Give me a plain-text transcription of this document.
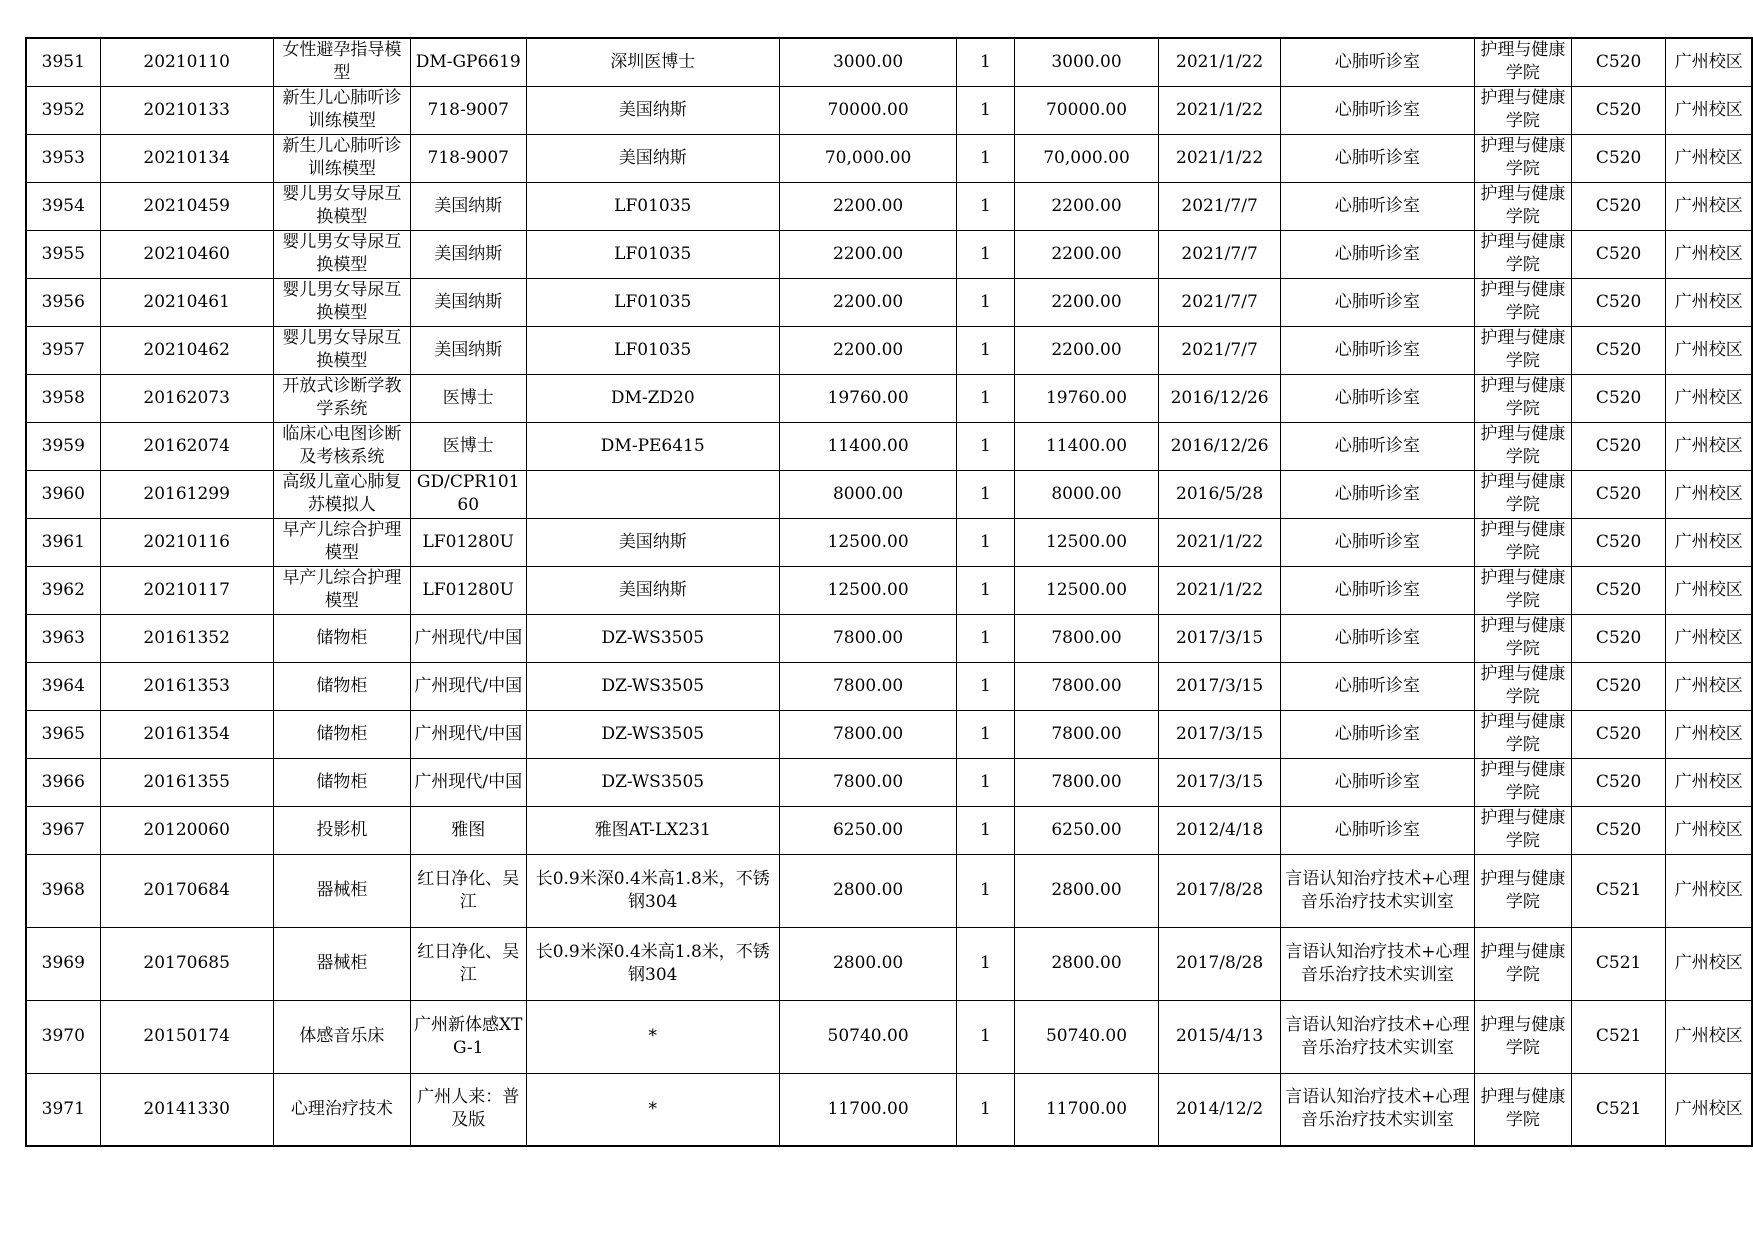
3951	20210110	女性避孕指导模型	DM-GP6619	深圳医博士	3000.00	1	3000.00	2021/1/22	心肺听诊室	护理与健康学院	C520	广州校区
3952	20210133	新生儿心肺听诊训练模型	718-9007	美国纳斯	70000.00	1	70000.00	2021/1/22	心肺听诊室	护理与健康学院	C520	广州校区
3953	20210134	新生儿心肺听诊训练模型	718-9007	美国纳斯	70,000.00	1	70,000.00	2021/1/22	心肺听诊室	护理与健康学院	C520	广州校区
3954	20210459	婴儿男女导尿互换模型	美国纳斯	LF01035	2200.00	1	2200.00	2021/7/7	心肺听诊室	护理与健康学院	C520	广州校区
3955	20210460	婴儿男女导尿互换模型	美国纳斯	LF01035	2200.00	1	2200.00	2021/7/7	心肺听诊室	护理与健康学院	C520	广州校区
3956	20210461	婴儿男女导尿互换模型	美国纳斯	LF01035	2200.00	1	2200.00	2021/7/7	心肺听诊室	护理与健康学院	C520	广州校区
3957	20210462	婴儿男女导尿互换模型	美国纳斯	LF01035	2200.00	1	2200.00	2021/7/7	心肺听诊室	护理与健康学院	C520	广州校区
3958	20162073	开放式诊断学教学系统	医博士	DM-ZD20	19760.00	1	19760.00	2016/12/26	心肺听诊室	护理与健康学院	C520	广州校区
3959	20162074	临床心电图诊断及考核系统	医博士	DM-PE6415	11400.00	1	11400.00	2016/12/26	心肺听诊室	护理与健康学院	C520	广州校区
3960	20161299	高级儿童心肺复苏模拟人	GD/CPR10160		8000.00	1	8000.00	2016/5/28	心肺听诊室	护理与健康学院	C520	广州校区
3961	20210116	早产儿综合护理模型	LF01280U	美国纳斯	12500.00	1	12500.00	2021/1/22	心肺听诊室	护理与健康学院	C520	广州校区
3962	20210117	早产儿综合护理模型	LF01280U	美国纳斯	12500.00	1	12500.00	2021/1/22	心肺听诊室	护理与健康学院	C520	广州校区
3963	20161352	储物柜	广州现代/中国	DZ-WS3505	7800.00	1	7800.00	2017/3/15	心肺听诊室	护理与健康学院	C520	广州校区
3964	20161353	储物柜	广州现代/中国	DZ-WS3505	7800.00	1	7800.00	2017/3/15	心肺听诊室	护理与健康学院	C520	广州校区
3965	20161354	储物柜	广州现代/中国	DZ-WS3505	7800.00	1	7800.00	2017/3/15	心肺听诊室	护理与健康学院	C520	广州校区
3966	20161355	储物柜	广州现代/中国	DZ-WS3505	7800.00	1	7800.00	2017/3/15	心肺听诊室	护理与健康学院	C520	广州校区
3967	20120060	投影机	雅图	雅图AT-LX231	6250.00	1	6250.00	2012/4/18	心肺听诊室	护理与健康学院	C520	广州校区
3968	20170684	器械柜	红日净化、吴江	长0.9米深0.4米高1.8米，不锈钢304	2800.00	1	2800.00	2017/8/28	言语认知治疗技术+心理音乐治疗技术实训室	护理与健康学院	C521	广州校区
3969	20170685	器械柜	红日净化、吴江	长0.9米深0.4米高1.8米，不锈钢304	2800.00	1	2800.00	2017/8/28	言语认知治疗技术+心理音乐治疗技术实训室	护理与健康学院	C521	广州校区
3970	20150174	体感音乐床	广州新体感XTG-1	*	50740.00	1	50740.00	2015/4/13	言语认知治疗技术+心理音乐治疗技术实训室	护理与健康学院	C521	广州校区
3971	20141330	心理治疗技术	广州人来：普及版	*	11700.00	1	11700.00	2014/12/2	言语认知治疗技术+心理音乐治疗技术实训室	护理与健康学院	C521	广州校区
